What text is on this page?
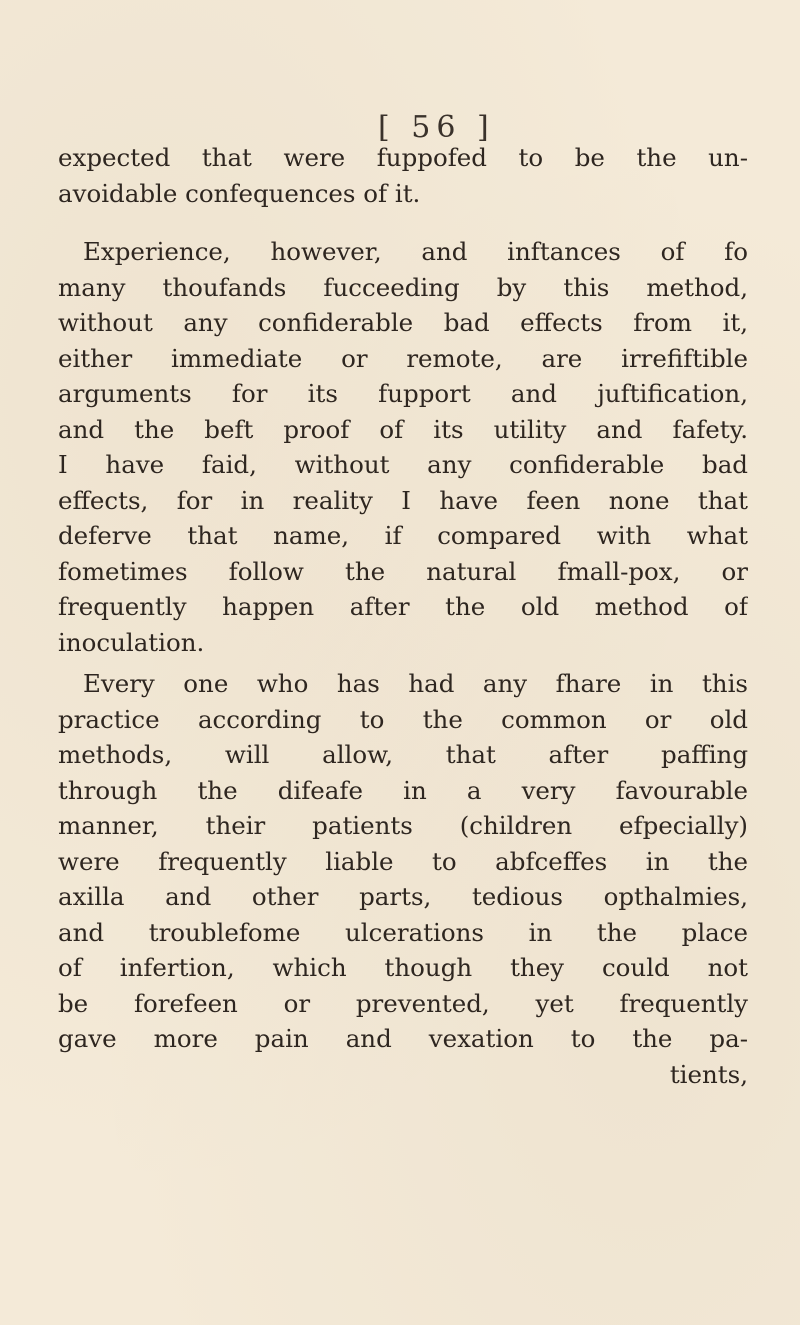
[ 56 ]
expected that were fuppofed to be the un-
avoidable confequences of it.
Experience, however, and inftances of fo
many thoufands fucceeding by this method,
without any confiderable bad effects from it,
either immediate or remote, are irrefiftible
arguments for its fupport and juftification,
and the beft proof of its utility and fafety.
I have faid, without any confiderable bad
effects, for in reality I have feen none that
deferve that name, if compared with what
fometimes follow the natural fmall-pox, or
frequently happen after the old method of
inoculation.
Every one who has had any fhare in this
practice according to the common or old
methods, will allow, that after paffing
through the difeafe in a very favourable
manner, their patients (children efpecially)
were frequently liable to abfceffes in the
axilla and other parts, tedious opthalmies,
and troublefome ulcerations in the place
of infertion, which though they could not
be forefeen or prevented, yet frequently
gave more pain and vexation to the pa-
tients,
